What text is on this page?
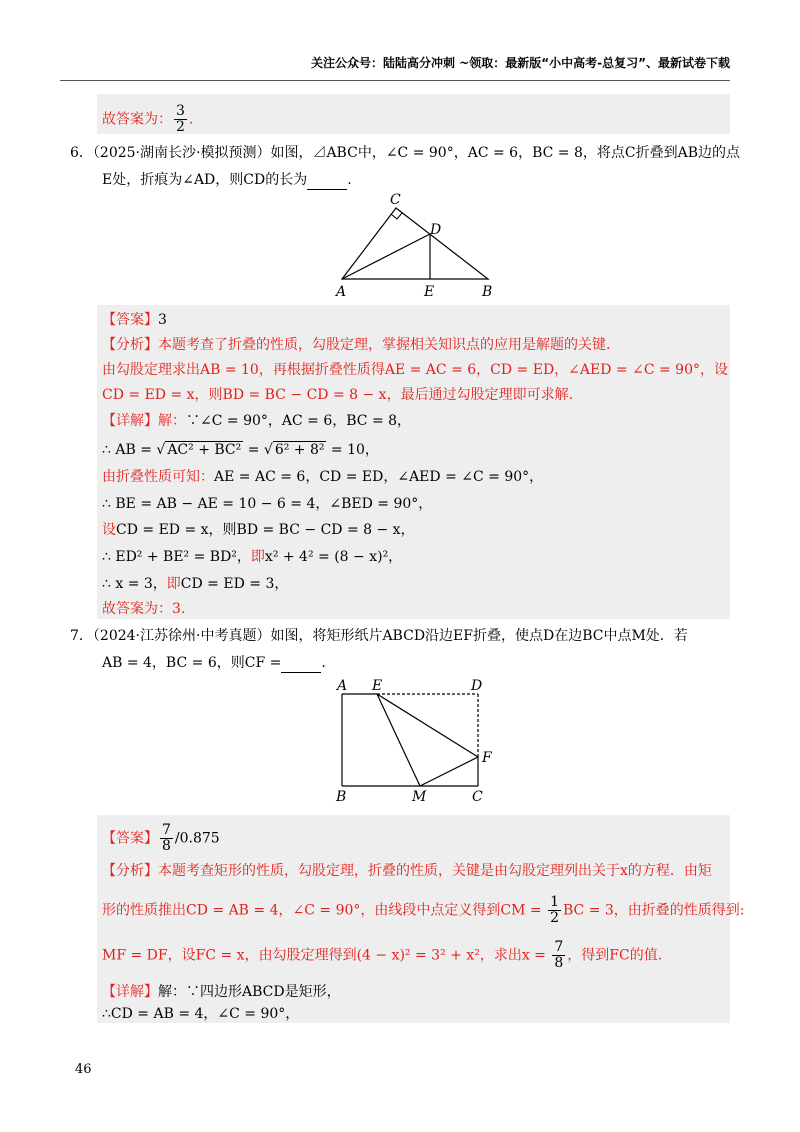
关注公众号：陆陆高分冲刺 ~领取：最新版“小中高考-总复习”、最新试卷下载
故答案为： $\frac{3}{2}$ .
6．（2025·湖南长沙·模拟预测）如图，⊿ABC中，∠C = 90°，AC = 6，BC = 8，将点C折叠到AB边的点
E处，折痕为∠AD，则CD的长为	.
C
D
A	E	B
【答案】3
【分析】本题考查了折叠的性质，勾股定理，掌握相关知识点的应用是解题的关键.
由勾股定理求出AB = 10，再根据折叠性质得AE = AC = 6，CD = ED，∠AED = ∠C = 90°，设
CD = ED = x，则BD = BC − CD = 8 − x，最后通过勾股定理即可求解.
【详解】解：∵∠C = 90°，AC = 6，BC = 8，
∴ AB = √ AC² + BC² = √ 6² + 8² = 10，
由折叠性质可知：AE = AC = 6，CD = ED，∠AED = ∠C = 90°，
∴ BE = AB − AE = 10 − 6 = 4，∠BED = 90°，
设CD = ED = x，则BD = BC − CD = 8 − x，
∴ ED² + BE² = BD²，即x² + 4² = (8 − x)²，
∴ x = 3，即CD = ED = 3，
故答案为：3.
7．（2024·江苏徐州·中考真题）如图，将矩形纸片ABCD沿边EF折叠，使点D在边BC中点M处．若
AB = 4，BC = 6，则CF =	.
A E	D
F
B	M	C
【答案】 $\frac{7}{8} /0.875$
【分析】本题考查矩形的性质，勾股定理，折叠的性质，关键是由勾股定理列出关于x的方程．由矩
形的性质推出CD = AB = 4，∠C = 90°，由线段中点定义得到CM = $\frac{1}{2}$ BC = 3，由折叠的性质得到:
MF = DF，设FC = x，由勾股定理得到(4 − x)² = 3² + x²，求出$x = \frac{7}{8}$ ，得到FC的值.
【详解】解：∵四边形ABCD是矩形，
∴CD = AB = 4，∠C = 90°，
46
